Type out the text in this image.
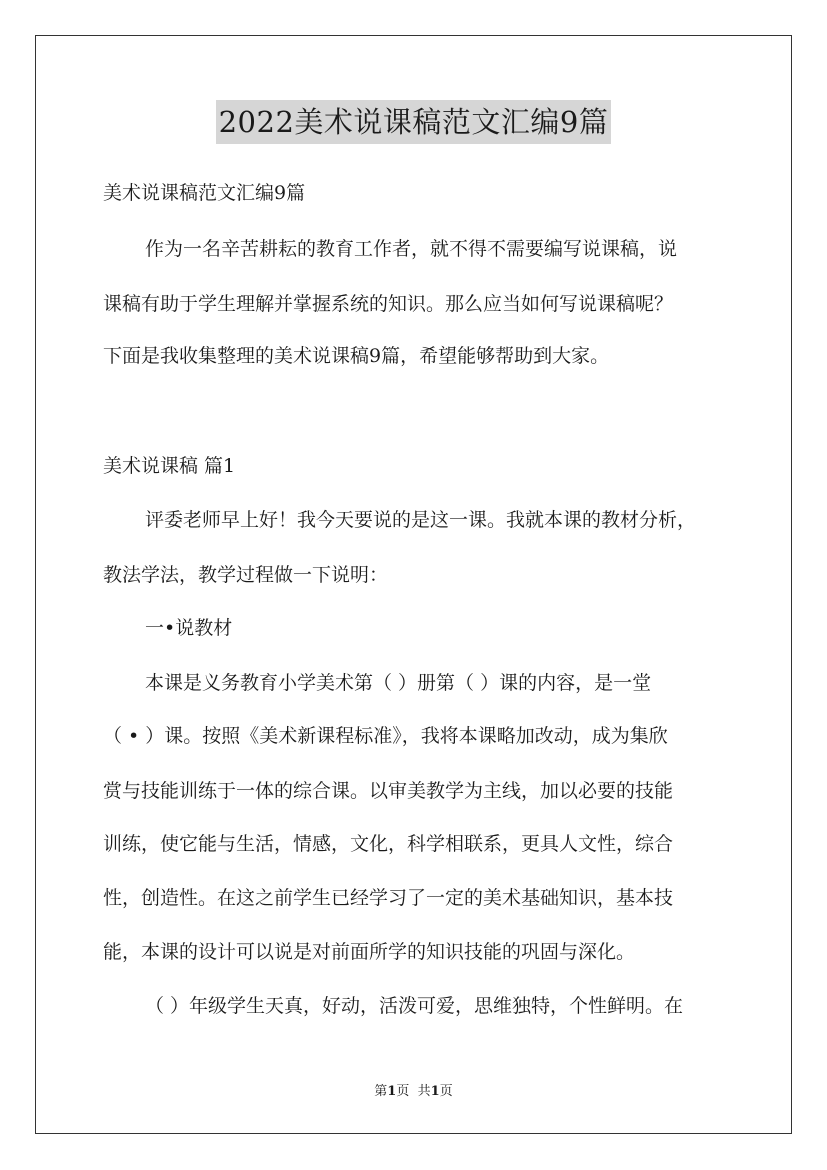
2022美术说课稿范文汇编9篇
美术说课稿范文汇编9篇
作为一名辛苦耕耘的教育工作者，就不得不需要编写说课稿，说
课稿有助于学生理解并掌握系统的知识。那么应当如何写说课稿呢？
下面是我收集整理的美术说课稿9篇，希望能够帮助到大家。
美术说课稿 篇1
评委老师早上好！我今天要说的是这一课。我就本课的教材分析，
教法学法，教学过程做一下说明：
一•说教材
本课是义务教育小学美术第（ ）册第（ ）课的内容，是一堂
（ • ）课。按照《美术新课程标准》，我将本课略加改动，成为集欣
赏与技能训练于一体的综合课。以审美教学为主线，加以必要的技能
训练，使它能与生活，情感，文化，科学相联系，更具人文性，综合
性，创造性。在这之前学生已经学习了一定的美术基础知识，基本技
能，本课的设计可以说是对前面所学的知识技能的巩固与深化。
（ ）年级学生天真，好动，活泼可爱，思维独特，个性鲜明。在
第1页 共1页
